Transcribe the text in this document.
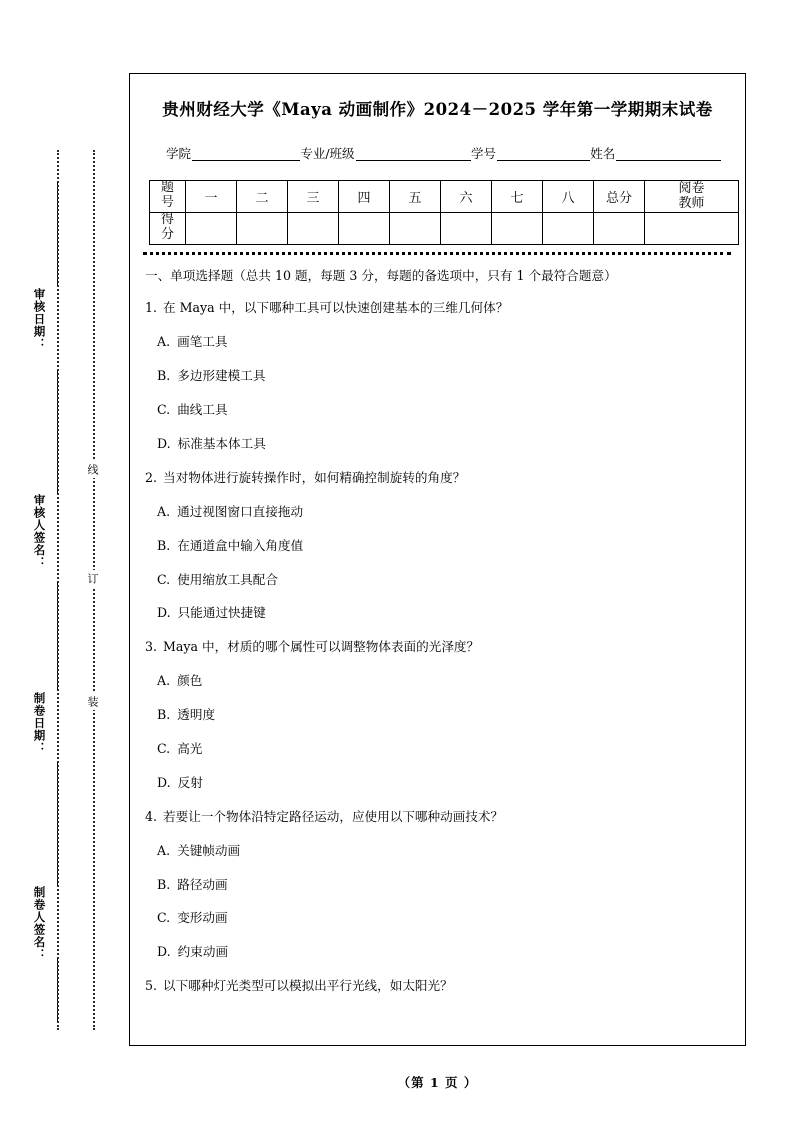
审核日期：
审核人签名：
制卷日期：
制卷人签名：
线
订
装
贵州财经大学《Maya 动画制作》2024－2025 学年第一学期期末试卷
学院	专业/班级	学号	姓名
题
号	一	二	三	四	五	六	七	八	总分	阅卷
教师

得
分										

一、单项选择题（总共 10 题，每题 3 分，每题的备选项中，只有 1 个最符合题意）
1. 在 Maya 中，以下哪种工具可以快速创建基本的三维几何体？
A. 画笔工具
B. 多边形建模工具
C. 曲线工具
D. 标准基本体工具
2. 当对物体进行旋转操作时，如何精确控制旋转的角度？
A. 通过视图窗口直接拖动
B. 在通道盒中输入角度值
C. 使用缩放工具配合
D. 只能通过快捷键
3. Maya 中，材质的哪个属性可以调整物体表面的光泽度？
A. 颜色
B. 透明度
C. 高光
D. 反射
4. 若要让一个物体沿特定路径运动，应使用以下哪种动画技术？
A. 关键帧动画
B. 路径动画
C. 变形动画
D. 约束动画
5. 以下哪种灯光类型可以模拟出平行光线，如太阳光？
（第 1 页 ）
